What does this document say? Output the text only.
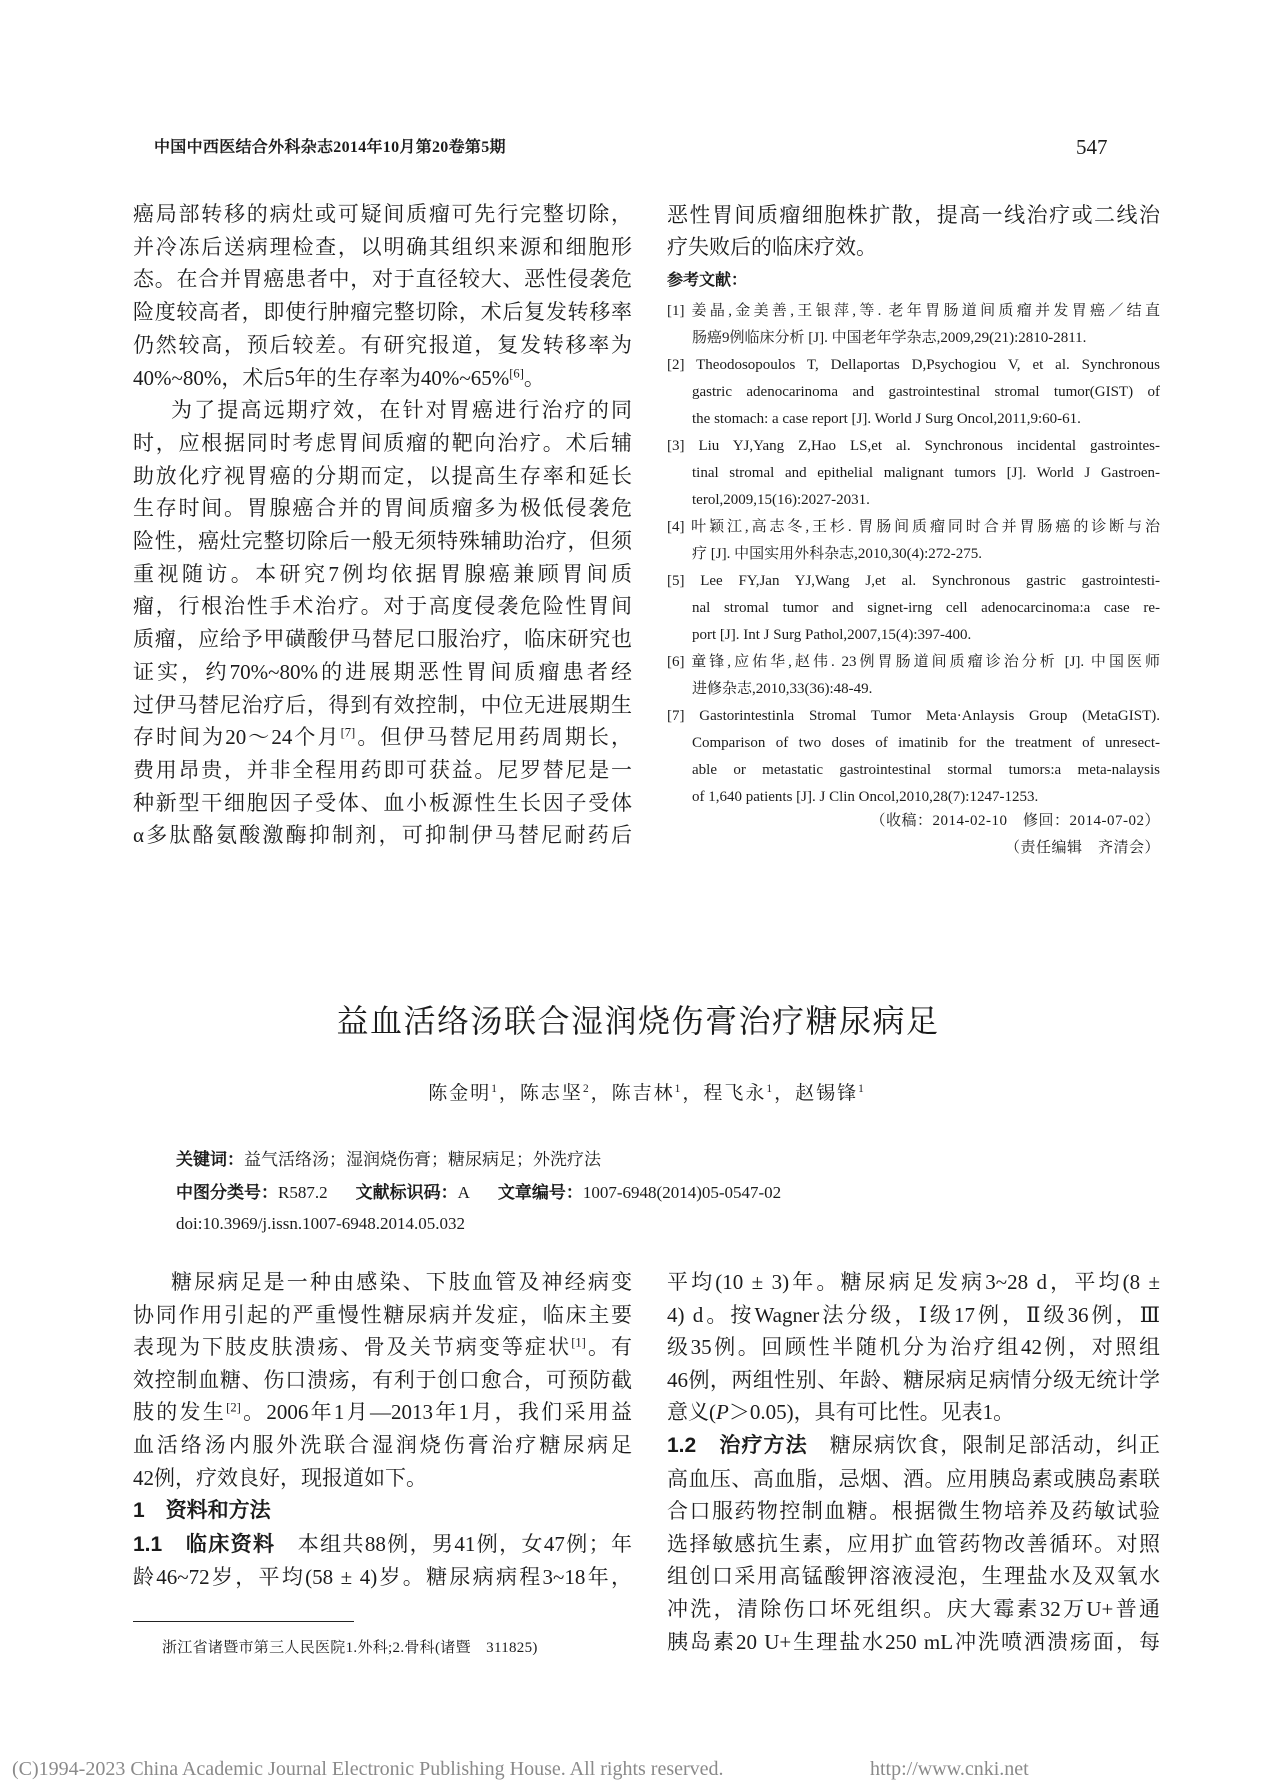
中国中西医结合外科杂志2014年10月第20卷第5期	547
癌局部转移的病灶或可疑间质瘤可先行完整切除，
并冷冻后送病理检查，以明确其组织来源和细胞形
态。在合并胃癌患者中，对于直径较大、恶性侵袭危
险度较高者，即使行肿瘤完整切除，术后复发转移率
仍然较高，预后较差。有研究报道，复发转移率为
40%~80%，术后5年的生存率为40%~65%[6]。
为了提高远期疗效，在针对胃癌进行治疗的同
时，应根据同时考虑胃间质瘤的靶向治疗。术后辅
助放化疗视胃癌的分期而定，以提高生存率和延长
生存时间。胃腺癌合并的胃间质瘤多为极低侵袭危
险性，癌灶完整切除后一般无须特殊辅助治疗，但须
重视随访。本研究7例均依据胃腺癌兼顾胃间质
瘤，行根治性手术治疗。对于高度侵袭危险性胃间
质瘤，应给予甲磺酸伊马替尼口服治疗，临床研究也
证实，约70%~80%的进展期恶性胃间质瘤患者经
过伊马替尼治疗后，得到有效控制，中位无进展期生
存时间为20～24个月[7]。但伊马替尼用药周期长，
费用昂贵，并非全程用药即可获益。尼罗替尼是一
种新型干细胞因子受体、血小板源性生长因子受体
α多肽酪氨酸激酶抑制剂，可抑制伊马替尼耐药后
恶性胃间质瘤细胞株扩散，提高一线治疗或二线治
疗失败后的临床疗效。
参考文献：
[1] 姜晶,金美善,王银萍,等. 老年胃肠道间质瘤并发胃癌／结直
肠癌9例临床分析 [J]. 中国老年学杂志,2009,29(21):2810-2811.
[2] Theodosopoulos T, Dellaportas D,Psychogiou V, et al. Synchronous
gastric adenocarinoma and gastrointestinal stromal tumor(GIST) of
the stomach: a case report [J]. World J Surg Oncol,2011,9:60-61.
[3] Liu YJ,Yang Z,Hao LS,et al. Synchronous incidental gastrointes-
tinal stromal and epithelial malignant tumors [J]. World J Gastroen-
terol,2009,15(16):2027-2031.
[4] 叶颖江,高志冬,王杉. 胃肠间质瘤同时合并胃肠癌的诊断与治
疗 [J]. 中国实用外科杂志,2010,30(4):272-275.
[5] Lee FY,Jan YJ,Wang J,et al. Synchronous gastric gastrointesti-
nal stromal tumor and signet-irng cell adenocarcinoma:a case re-
port [J]. Int J Surg Pathol,2007,15(4):397-400.
[6] 童锋,应佑华,赵伟. 23例胃肠道间质瘤诊治分析 [J]. 中国医师
进修杂志,2010,33(36):48-49.
[7] Gastorintestinla Stromal Tumor Meta·Anlaysis Group (MetaGIST).
Comparison of two doses of imatinib for the treatment of unresect-
able or metastatic gastrointestinal stormal tumors:a meta-nalaysis
of 1,640 patients [J]. J Clin Oncol,2010,28(7):1247-1253.
（收稿：2014-02-10　修回：2014-07-02）
（责任编辑　齐清会）
益血活络汤联合湿润烧伤膏治疗糖尿病足
陈金明$^1$，陈志坚$^2$，陈吉林$^1$，程飞永$^1$，赵锡锋$^1$
关键词：益气活络汤；湿润烧伤膏；糖尿病足；外洗疗法
中图分类号：R587.2 文献标识码：A 文章编号：1007-6948(2014)05-0547-02
doi:10.3969/j.issn.1007-6948.2014.05.032
糖尿病足是一种由感染、下肢血管及神经病变
协同作用引起的严重慢性糖尿病并发症，临床主要
表现为下肢皮肤溃疡、骨及关节病变等症状[1]。有
效控制血糖、伤口溃疡，有利于创口愈合，可预防截
肢的发生[2]。2006年1月—2013年1月，我们采用益
血活络汤内服外洗联合湿润烧伤膏治疗糖尿病足
42例，疗效良好，现报道如下。
1　资料和方法
1.1　临床资料　本组共88例，男41例，女47例；年
龄46~72岁，平均(58 ± 4)岁。糖尿病病程3~18年，
平均(10 ± 3)年。糖尿病足发病3~28 d，平均(8 ±
4) d。按Wagner法分级，Ⅰ级17例，Ⅱ级36例，Ⅲ
级35例。回顾性半随机分为治疗组42例，对照组
46例，两组性别、年龄、糖尿病足病情分级无统计学
意义(P＞0.05)，具有可比性。见表1。
1.2　治疗方法　糖尿病饮食，限制足部活动，纠正
高血压、高血脂，忌烟、酒。应用胰岛素或胰岛素联
合口服药物控制血糖。根据微生物培养及药敏试验
选择敏感抗生素，应用扩血管药物改善循环。对照
组创口采用高锰酸钾溶液浸泡，生理盐水及双氧水
冲洗，清除伤口坏死组织。庆大霉素32万U+普通
胰岛素20 U+生理盐水250 mL冲洗喷洒溃疡面，每
浙江省诸暨市第三人民医院1.外科;2.骨科(诸暨　311825)
(C)1994-2023 China Academic Journal Electronic Publishing House. All rights reserved.	http://www.cnki.net
